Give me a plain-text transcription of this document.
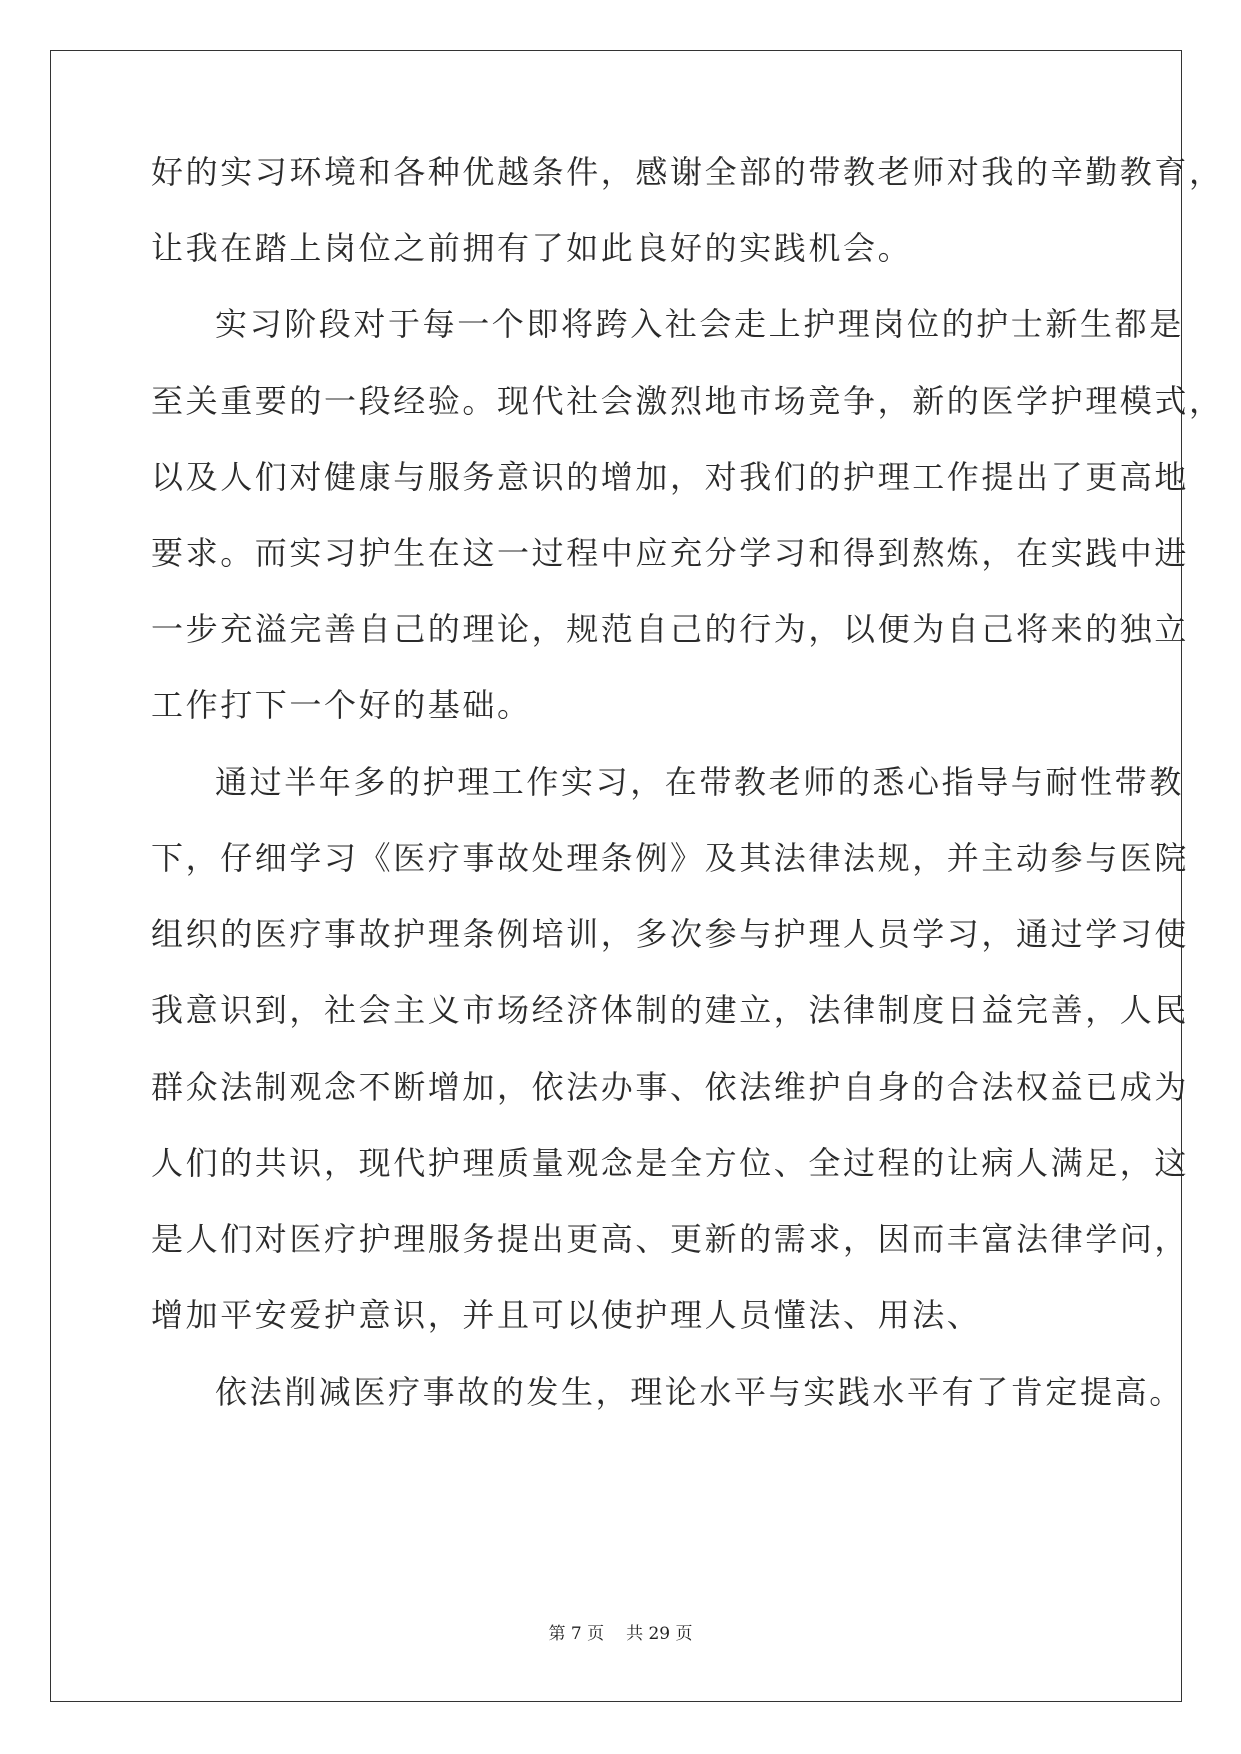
好的实习环境和各种优越条件，感谢全部的带教老师对我的辛勤教育，
让我在踏上岗位之前拥有了如此良好的实践机会。
实习阶段对于每一个即将跨入社会走上护理岗位的护士新生都是
至关重要的一段经验。现代社会激烈地市场竞争，新的医学护理模式，
以及人们对健康与服务意识的增加，对我们的护理工作提出了更高地
要求。而实习护生在这一过程中应充分学习和得到熬炼，在实践中进
一步充溢完善自己的理论，规范自己的行为，以便为自己将来的独立
工作打下一个好的基础。
通过半年多的护理工作实习，在带教老师的悉心指导与耐性带教
下，仔细学习《医疗事故处理条例》及其法律法规，并主动参与医院
组织的医疗事故护理条例培训，多次参与护理人员学习，通过学习使
我意识到，社会主义市场经济体制的建立，法律制度日益完善，人民
群众法制观念不断增加，依法办事、依法维护自身的合法权益已成为
人们的共识，现代护理质量观念是全方位、全过程的让病人满足，这
是人们对医疗护理服务提出更高、更新的需求，因而丰富法律学问，
增加平安爱护意识，并且可以使护理人员懂法、用法、
依法削减医疗事故的发生，理论水平与实践水平有了肯定提高。
第 7 页 共 29 页
